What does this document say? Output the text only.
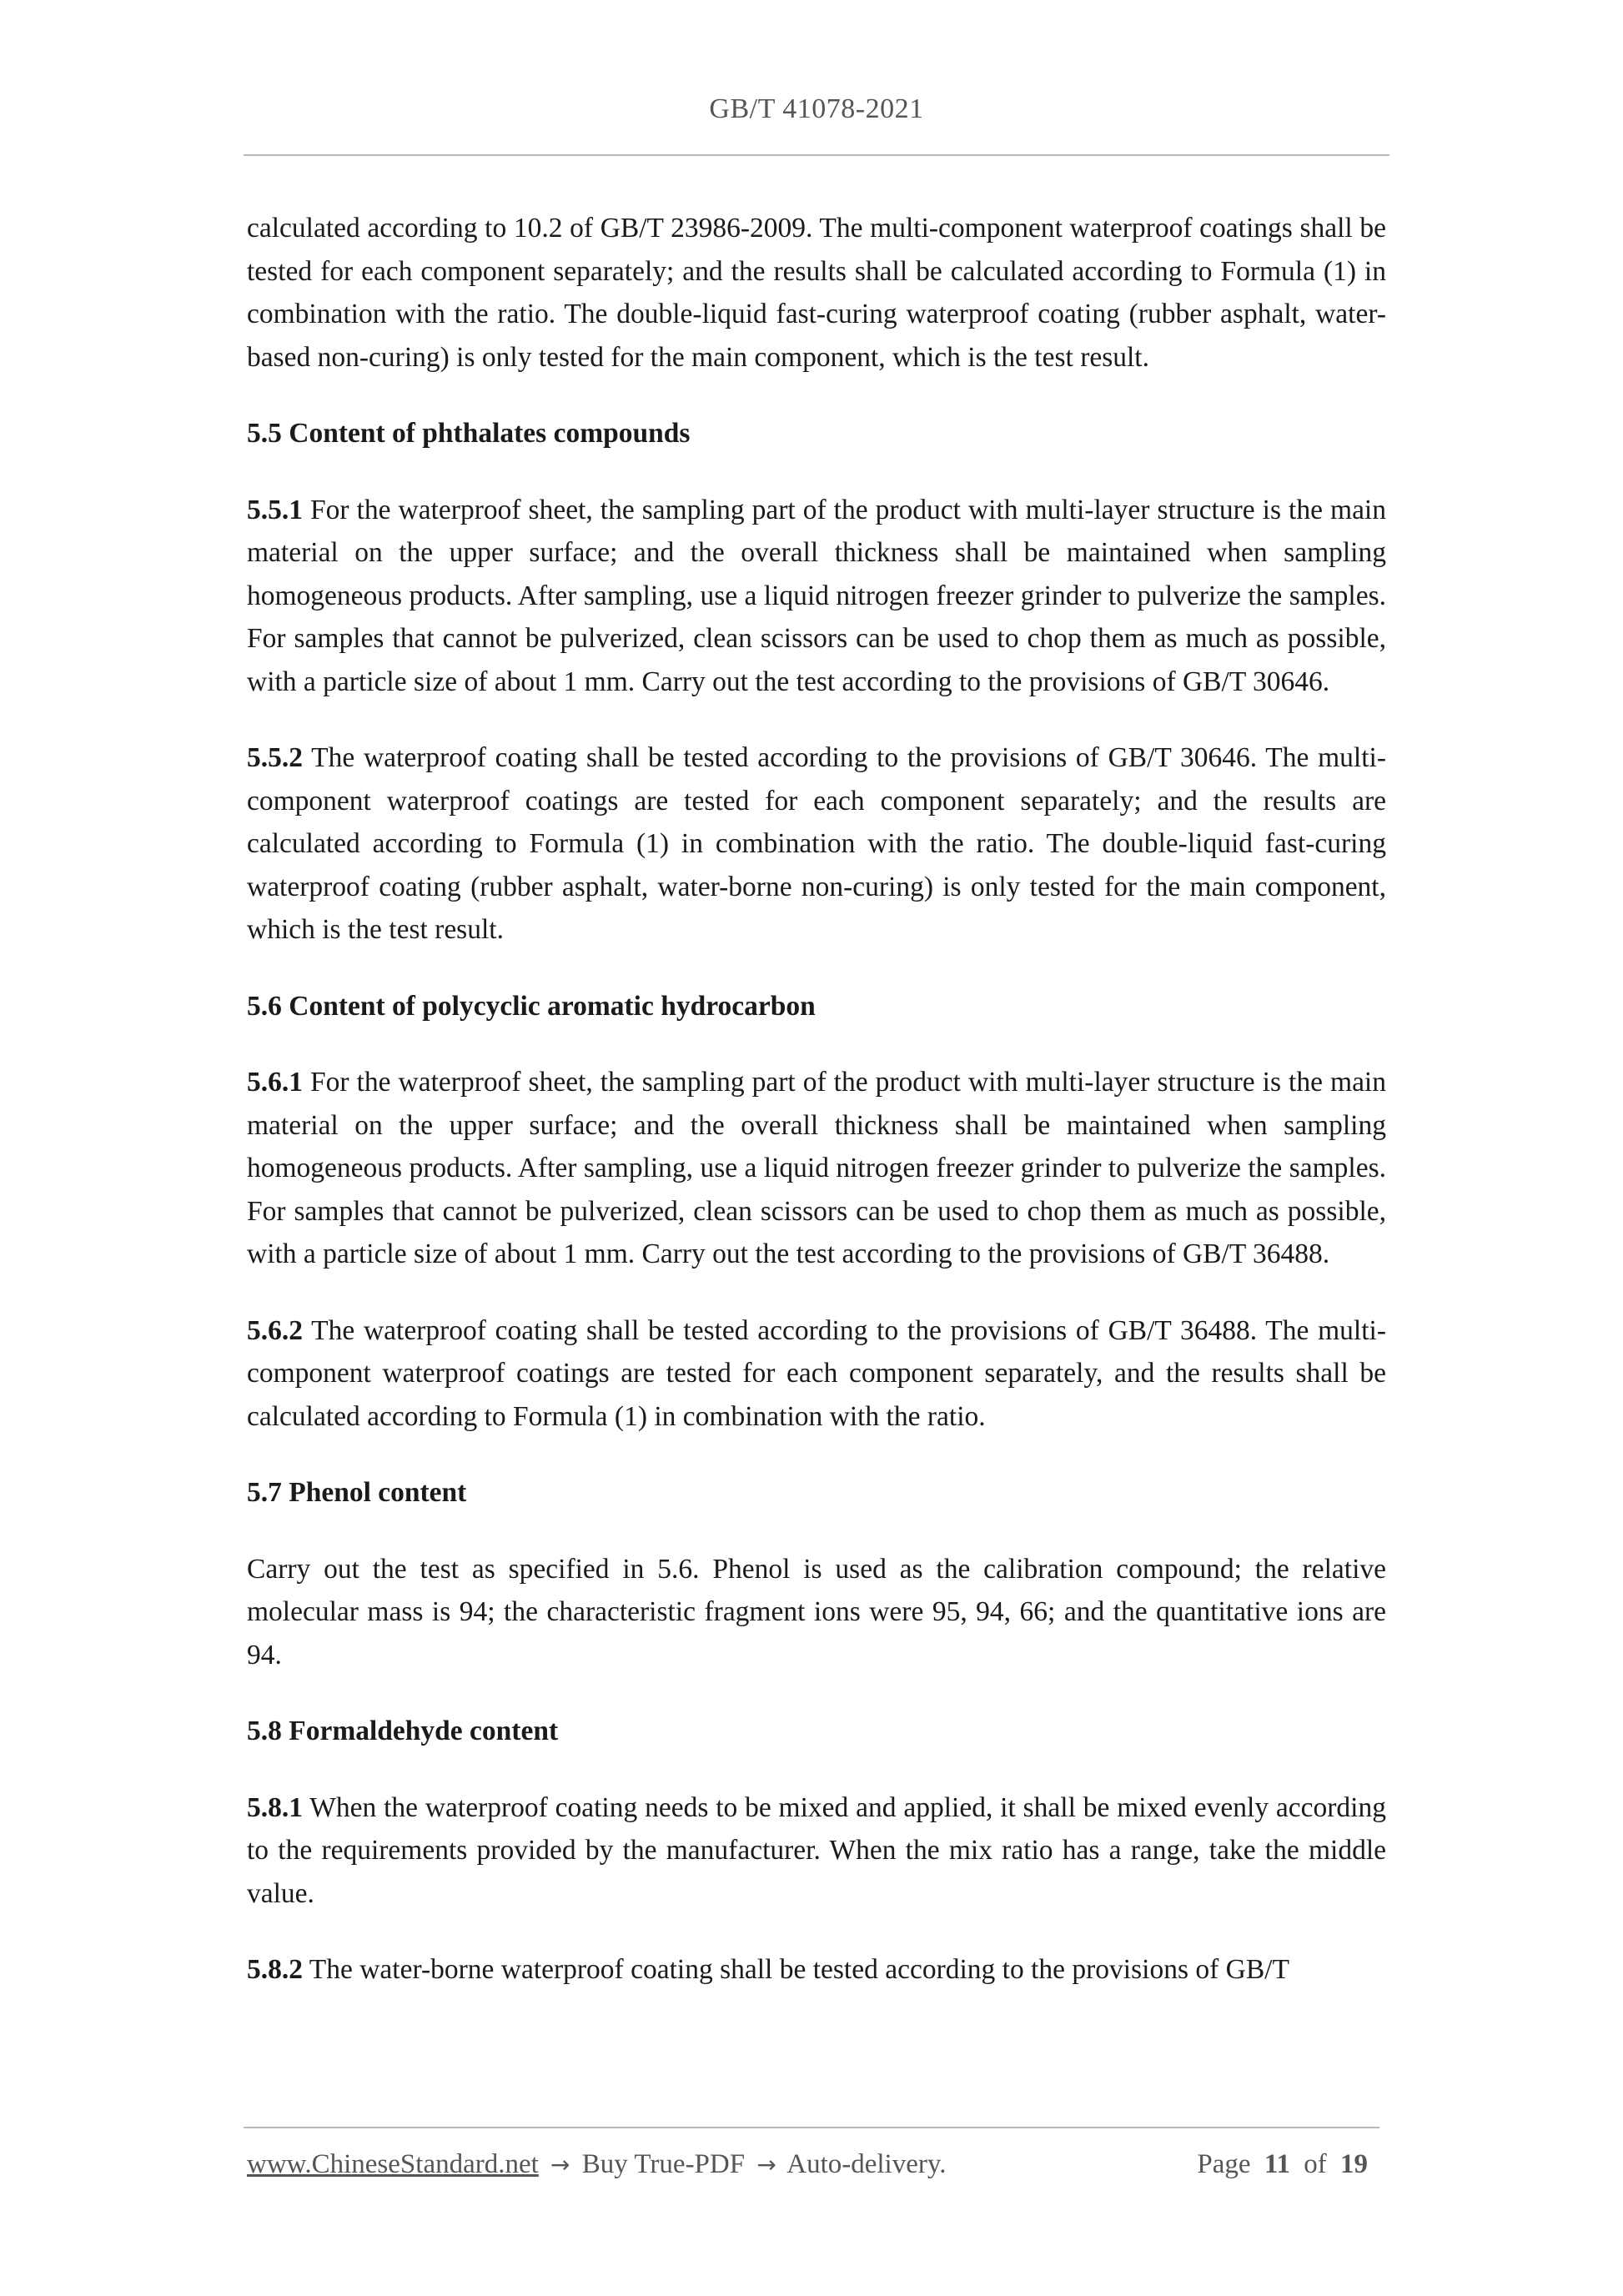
GB/T 41078-2021

calculated according to 10.2 of GB/T 23986-2009. The multi-component waterproof coatings shall be tested for each component separately; and the results shall be calculated according to Formula (1) in combination with the ratio. The double-liquid fast-curing waterproof coating (rubber asphalt, water-based non-curing) is only tested for the main component, which is the test result.

5.5 Content of phthalates compounds

5.5.1 For the waterproof sheet, the sampling part of the product with multi-layer structure is the main material on the upper surface; and the overall thickness shall be maintained when sampling homogeneous products. After sampling, use a liquid nitrogen freezer grinder to pulverize the samples. For samples that cannot be pulverized, clean scissors can be used to chop them as much as possible, with a particle size of about 1 mm. Carry out the test according to the provisions of GB/T 30646.

5.5.2 The waterproof coating shall be tested according to the provisions of GB/T 30646. The multi-component waterproof coatings are tested for each component separately; and the results are calculated according to Formula (1) in combination with the ratio. The double-liquid fast-curing waterproof coating (rubber asphalt, water-borne non-curing) is only tested for the main component, which is the test result.

5.6 Content of polycyclic aromatic hydrocarbon

5.6.1 For the waterproof sheet, the sampling part of the product with multi-layer structure is the main material on the upper surface; and the overall thickness shall be maintained when sampling homogeneous products. After sampling, use a liquid nitrogen freezer grinder to pulverize the samples. For samples that cannot be pulverized, clean scissors can be used to chop them as much as possible, with a particle size of about 1 mm. Carry out the test according to the provisions of GB/T 36488.

5.6.2 The waterproof coating shall be tested according to the provisions of GB/T 36488. The multi-component waterproof coatings are tested for each component separately, and the results shall be calculated according to Formula (1) in combination with the ratio.

5.7 Phenol content

Carry out the test as specified in 5.6. Phenol is used as the calibration compound; the relative molecular mass is 94; the characteristic fragment ions were 95, 94, 66; and the quantitative ions are 94.

5.8 Formaldehyde content

5.8.1 When the waterproof coating needs to be mixed and applied, it shall be mixed evenly according to the requirements provided by the manufacturer. When the mix ratio has a range, take the middle value.

5.8.2 The water-borne waterproof coating shall be tested according to the provisions of GB/T

www.ChineseStandard.net → Buy True-PDF → Auto-delivery.	Page 11 of 19
